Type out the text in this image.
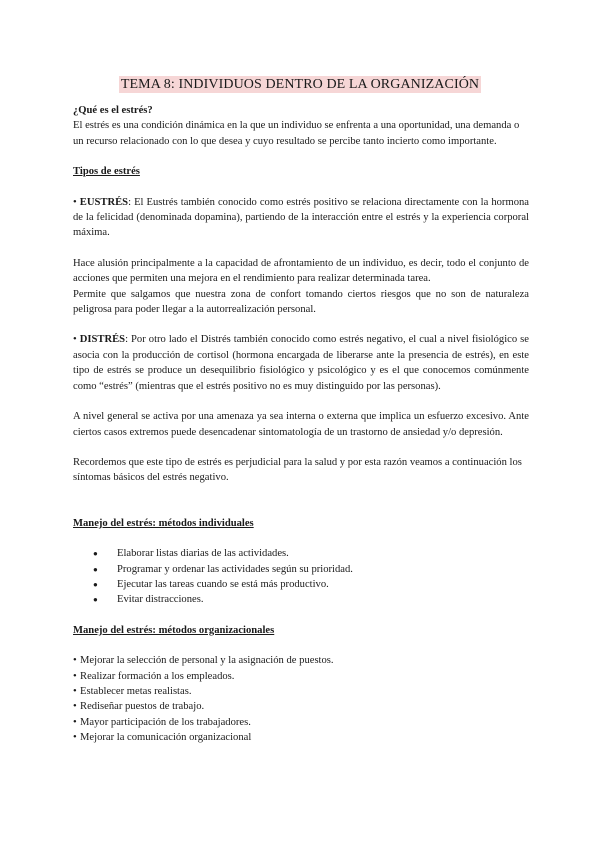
TEMA 8: INDIVIDUOS DENTRO DE LA ORGANIZACIÓN

¿Qué es el estrés?

El estrés es una condición dinámica en la que un individuo se enfrenta a una oportunidad, una demanda o un recurso relacionado con lo que desea y cuyo resultado se percibe tanto incierto como importante.

Tipos de estrés

• EUSTRÉS: El Eustrés también conocido como estrés positivo se relaciona directamente con la hormona de la felicidad (denominada dopamina), partiendo de la interacción entre el estrés y la experiencia corporal máxima.

Hace alusión principalmente a la capacidad de afrontamiento de un individuo, es decir, todo el conjunto de acciones que permiten una mejora en el rendimiento para realizar determinada tarea.

Permite que salgamos que nuestra zona de confort tomando ciertos riesgos que no son de naturaleza peligrosa para poder llegar a la autorrealización personal.

• DISTRÉS: Por otro lado el Distrés también conocido como estrés negativo, el cual a nivel fisiológico se asocia con la producción de cortisol (hormona encargada de liberarse ante la presencia de estrés), en este tipo de estrés se produce un desequilibrio fisiológico y psicológico y es el que conocemos comúnmente como “estrés” (mientras que el estrés positivo no es muy distinguido por las personas).

A nivel general se activa por una amenaza ya sea interna o externa que implica un esfuerzo excesivo. Ante ciertos casos extremos puede desencadenar sintomatología de un trastorno de ansiedad y/o depresión.

Recordemos que este tipo de estrés es perjudicial para la salud y por esta razón veamos a continuación los síntomas básicos del estrés negativo.

Manejo del estrés: métodos individuales

● Elaborar listas diarias de las actividades.
● Programar y ordenar las actividades según su prioridad.
● Ejecutar las tareas cuando se está más productivo.
● Evitar distracciones.

Manejo del estrés: métodos organizacionales

• Mejorar la selección de personal y la asignación de puestos.
• Realizar formación a los empleados.
• Establecer metas realistas.
• Rediseñar puestos de trabajo.
• Mayor participación de los trabajadores.
• Mejorar la comunicación organizacional
